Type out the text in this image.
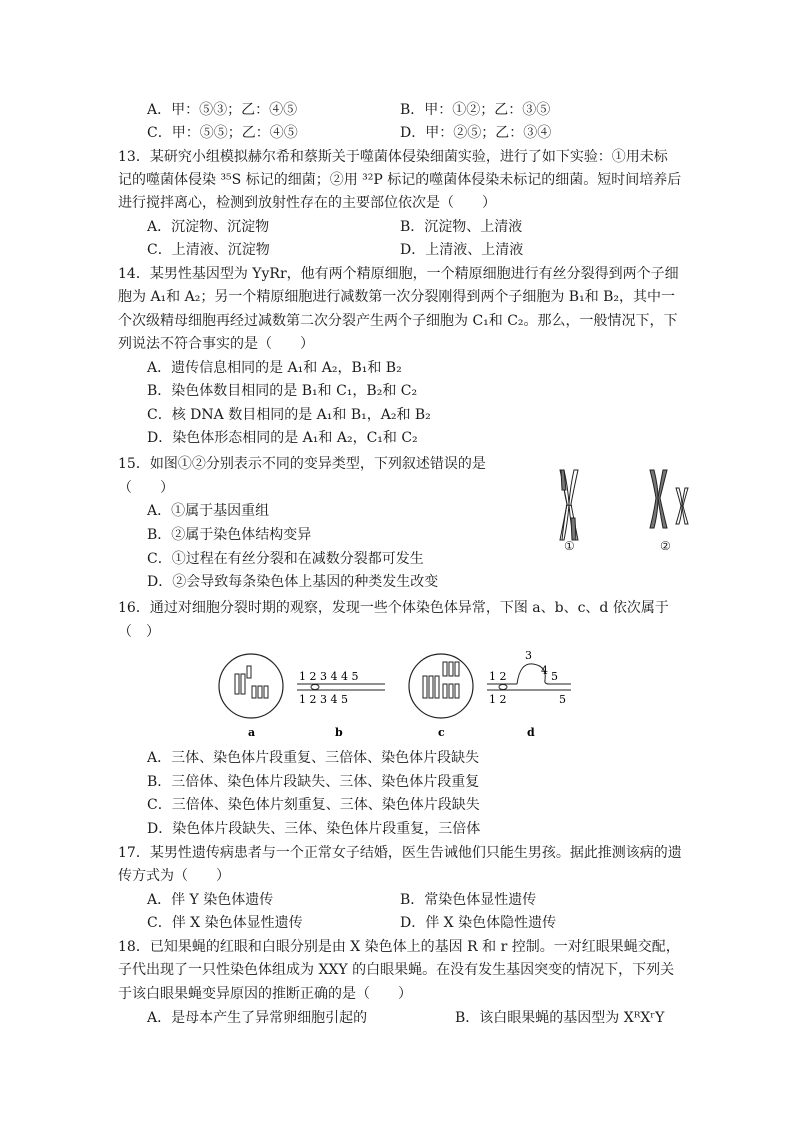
A．甲：⑤③；乙：④⑤	B．甲：①②；乙：③⑤
C．甲：⑤⑤；乙：④⑤	D．甲：②⑤；乙：③④
13．某研究小组模拟赫尔希和蔡斯关于噬菌体侵染细菌实验，进行了如下实验：①用未标
记的噬菌体侵染 ³⁵S 标记的细菌；②用 ³²P 标记的噬菌体侵染未标记的细菌。短时间培养后
进行搅拌离心，检测到放射性存在的主要部位依次是（　　）
A．沉淀物、沉淀物	B．沉淀物、上清液
C．上清液、沉淀物	D．上清液、上清液
14．某男性基因型为 YyRr，他有两个精原细胞，一个精原细胞进行有丝分裂得到两个子细
胞为 A₁和 A₂；另一个精原细胞进行减数第一次分裂刚得到两个子细胞为 B₁和 B₂，其中一
个次级精母细胞再经过减数第二次分裂产生两个子细胞为 C₁和 C₂。那么，一般情况下，下
列说法不符合事实的是（　　）
A．遗传信息相同的是 A₁和 A₂，B₁和 B₂
B．染色体数目相同的是 B₁和 C₁，B₂和 C₂
C．核 DNA 数目相同的是 A₁和 B₁，A₂和 B₂
D．染色体形态相同的是 A₁和 A₂，C₁和 C₂
15．如图①②分别表示不同的变异类型，下列叙述错误的是
（　　）
A．①属于基因重组
B．②属于染色体结构变异
C．①过程在有丝分裂和在减数分裂都可发生
D．②会导致每条染色体上基因的种类发生改变
①	②
16．通过对细胞分裂时期的观察，发现一些个体染色体异常，下图 a、b、c、d 依次属于
（　）
a
1 2 3 4 4 5
1 2 3 4 5
b	c
1 2
3
4 5
1 2	5
d
A．三体、染色体片段重复、三倍体、染色体片段缺失
B．三倍体、染色体片段缺失、三体、染色体片段重复
C．三倍体、染色体片刻重复、三体、染色体片段缺失
D．染色体片段缺失、三体、染色体片段重复，三倍体
17．某男性遗传病患者与一个正常女子结婚，医生告诫他们只能生男孩。据此推测该病的遗
传方式为（　　）
A．伴 Y 染色体遗传	B．常染色体显性遗传
C．伴 X 染色体显性遗传	D．伴 X 染色体隐性遗传
18．已知果蝇的红眼和白眼分别是由 X 染色体上的基因 R 和 r 控制。一对红眼果蝇交配，
子代出现了一只性染色体组成为 XXY 的白眼果蝇。在没有发生基因突变的情况下，下列关
于该白眼果蝇变异原因的推断正确的是（　　）
A．是母本产生了异常卵细胞引起的	B．该白眼果蝇的基因型为 XᴿXʳY
